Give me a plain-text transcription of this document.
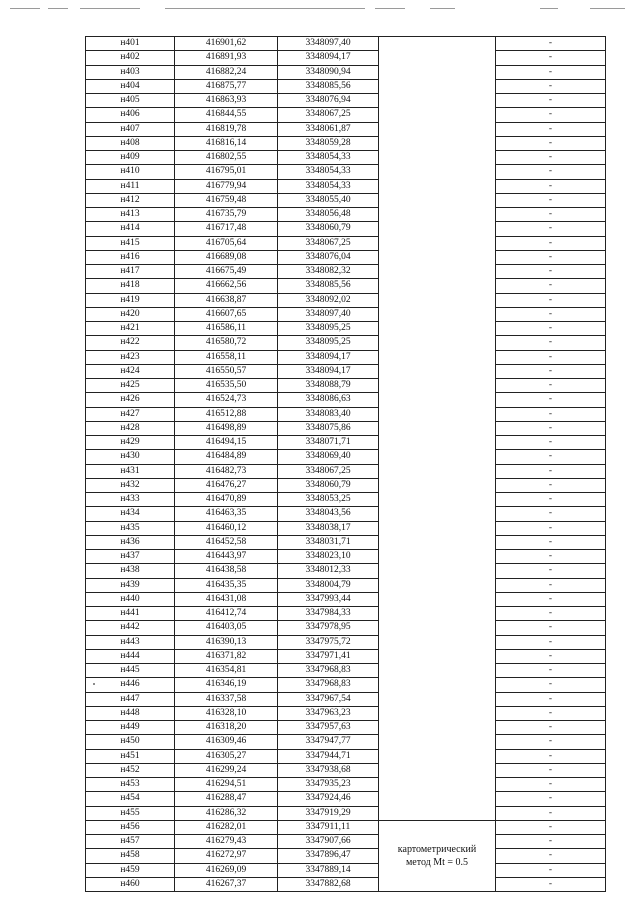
н401	416901,62	3348097,40		-
н402	416891,93	3348094,17		-
н403	416882,24	3348090,94		-
н404	416875,77	3348085,56		-
н405	416863,93	3348076,94		-
н406	416844,55	3348067,25		-
н407	416819,78	3348061,87		-
н408	416816,14	3348059,28		-
н409	416802,55	3348054,33		-
н410	416795,01	3348054,33		-
н411	416779,94	3348054,33		-
н412	416759,48	3348055,40		-
н413	416735,79	3348056,48		-
н414	416717,48	3348060,79		-
н415	416705,64	3348067,25		-
н416	416689,08	3348076,04		-
н417	416675,49	3348082,32		-
н418	416662,56	3348085,56		-
н419	416638,87	3348092,02		-
н420	416607,65	3348097,40		-
н421	416586,11	3348095,25		-
н422	416580,72	3348095,25		-
н423	416558,11	3348094,17		-
н424	416550,57	3348094,17		-
н425	416535,50	3348088,79		-
н426	416524,73	3348086,63		-
н427	416512,88	3348083,40		-
н428	416498,89	3348075,86		-
н429	416494,15	3348071,71		-
н430	416484,89	3348069,40		-
н431	416482,73	3348067,25		-
н432	416476,27	3348060,79		-
н433	416470,89	3348053,25		-
н434	416463,35	3348043,56		-
н435	416460,12	3348038,17		-
н436	416452,58	3348031,71		-
н437	416443,97	3348023,10		-
н438	416438,58	3348012,33		-
н439	416435,35	3348004,79		-
н440	416431,08	3347993,44		-
н441	416412,74	3347984,33		-
н442	416403,05	3347978,95		-
н443	416390,13	3347975,72		-
н444	416371,82	3347971,41		-
н445	416354,81	3347968,83		-
н446	416346,19	3347968,83		-
н447	416337,58	3347967,54		-
н448	416328,10	3347963,23		-
н449	416318,20	3347957,63		-
н450	416309,46	3347947,77		-
н451	416305,27	3347944,71		-
н452	416299,24	3347938,68		-
н453	416294,51	3347935,23		-
н454	416288,47	3347924,46		-
н455	416286,32	3347919,29		-
н456	416282,01	3347911,11	картометрический
метод Mt = 0.5	-
н457	416279,43	3347907,66		-
н458	416272,97	3347896,47		-
н459	416269,09	3347889,14		-
н460	416267,37	3347882,68		-
